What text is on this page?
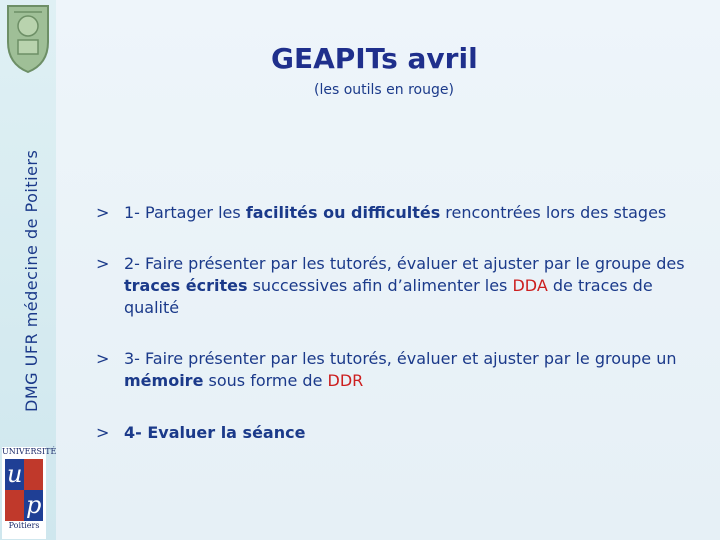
DMG UFR médecine de Poitiers
UNIVERSITÉ
u
p
Poitiers
GEAPITs avril
(les outils en rouge)
> 1- Partager les facilités ou difficultés rencontrées lors des stages
> 2- Faire présenter par les tutorés, évaluer et ajuster par le groupe des traces écrites successives afin d’alimenter les DDA de traces de qualité
> 3- Faire présenter par les tutorés, évaluer et ajuster par le groupe un mémoire sous forme de DDR
> 4- Evaluer la séance
